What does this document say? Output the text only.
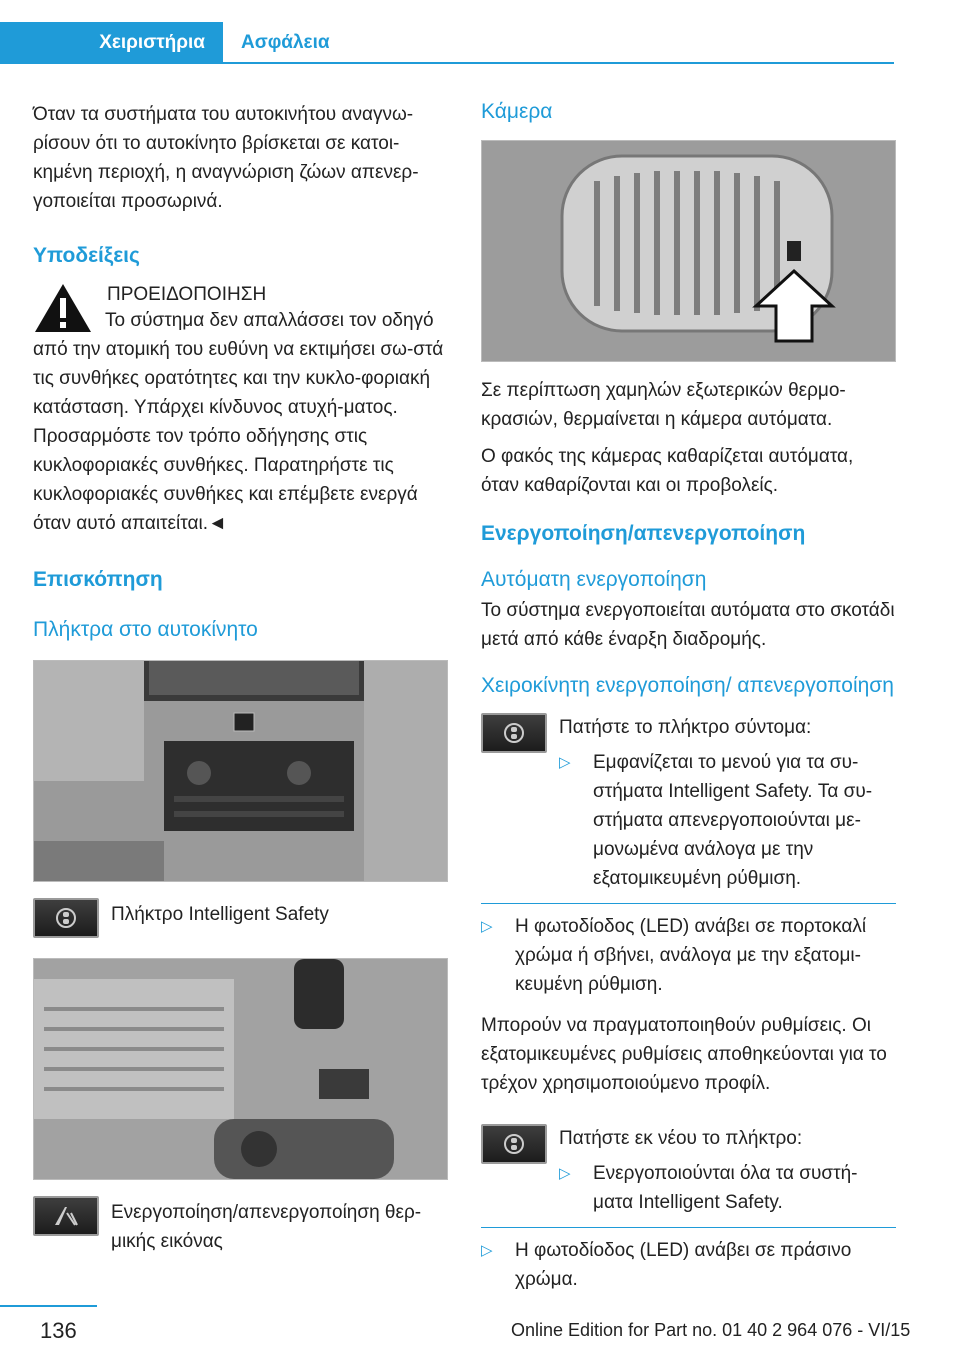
Χειριστήρια	Ασφάλεια

Όταν τα συστήματα του αυτοκινήτου αναγνω‐ρίσουν ότι το αυτοκίνητο βρίσκεται σε κατοι‐κημένη περιοχή, η αναγνώριση ζώων απενερ‐γοποιείται προσωρινά.

Υποδείξεις
ΠΡΟΕΙΔΟΠΟΙΗΣΗ

Το σύστημα δεν απαλλάσσει τον οδηγό από την ατομική του ευθύνη να εκτιμήσει σω‐στά τις συνθήκες ορατότητες και την κυκλο‐φοριακή κατάσταση. Υπάρχει κίνδυνος ατυχή‐ματος. Προσαρμόστε τον τρόπο οδήγησης στις κυκλοφοριακές συνθήκες. Παρατηρήστε τις κυκλοφοριακές συνθήκες και επέμβετε ενεργά όταν αυτό απαιτείται.◄

Επισκόπηση
Πλήκτρα στο αυτοκίνητο

Πλήκτρο Intelligent Safety

Ενεργοποίηση/απενεργοποίηση θερ‐μικής εικόνας

Κάμερα

Σε περίπτωση χαμηλών εξωτερικών θερμο‐κρασιών, θερμαίνεται η κάμερα αυτόματα.

Ο φακός της κάμερας καθαρίζεται αυτόματα, όταν καθαρίζονται και οι προβολείς.

Ενεργοποίηση/απενεργοποίηση
Αυτόματη ενεργοποίηση

Το σύστημα ενεργοποιείται αυτόματα στο σκοτάδι μετά από κάθε έναρξη διαδρομής.

Χειροκίνητη ενεργοποίηση/ απενεργοποίηση

Πατήστε το πλήκτρο σύντομα:

▷ Εμφανίζεται το μενού για τα συ‐στήματα Intelligent Safety. Τα συ‐στήματα απενεργοποιούνται με‐μονωμένα ανάλογα με την εξατομικευμένη ρύθμιση.
▷ Η φωτοδίοδος (LED) ανάβει σε πορτοκαλί χρώμα ή σβήνει, ανάλογα με την εξατομι‐κευμένη ρύθμιση.

Μπορούν να πραγματοποιηθούν ρυθμίσεις. Οι εξατομικευμένες ρυθμίσεις αποθηκεύονται για το τρέχον χρησιμοποιούμενο προφίλ.

Πατήστε εκ νέου το πλήκτρο:

▷ Ενεργοποιούνται όλα τα συστή‐ματα Intelligent Safety.
▷ Η φωτοδίοδος (LED) ανάβει σε πράσινο χρώμα.
136	Online Edition for Part no. 01 40 2 964 076 - VI/15
